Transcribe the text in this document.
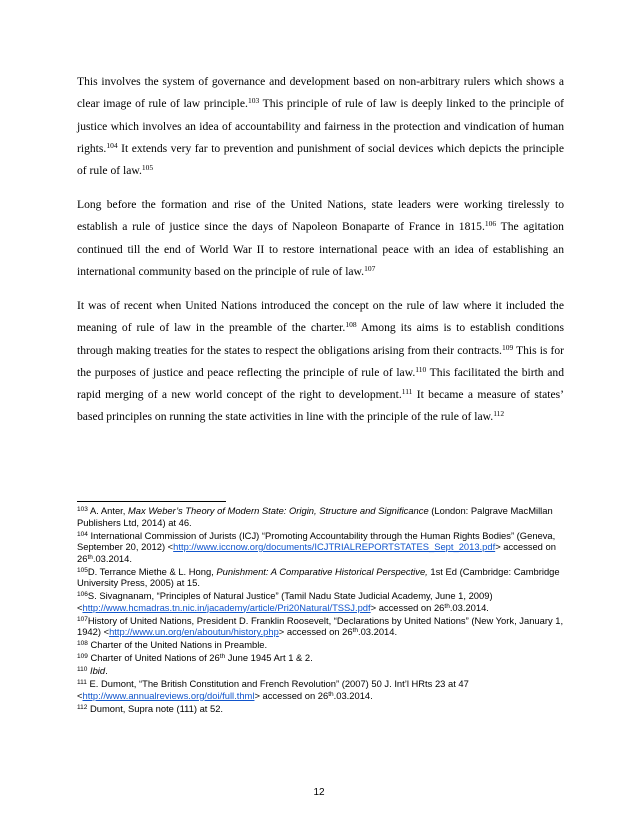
This involves the system of governance and development based on non-arbitrary rulers which shows a clear image of rule of law principle.$^{103}$ This principle of rule of law is deeply linked to the principle of justice which involves an idea of accountability and fairness in the protection and vindication of human rights.$^{104}$ It extends very far to prevention and punishment of social devices which depicts the principle of rule of law.$^{105}$

Long before the formation and rise of the United Nations, state leaders were working tirelessly to establish a rule of justice since the days of Napoleon Bonaparte of France in 1815.$^{106}$ The agitation continued till the end of World War II to restore international peace with an idea of establishing an international community based on the principle of rule of law.$^{107}$

It was of recent when United Nations introduced the concept on the rule of law where it included the meaning of rule of law in the preamble of the charter.$^{108}$ Among its aims is to establish conditions through making treaties for the states to respect the obligations arising from their contracts.$^{109}$ This is for the purposes of justice and peace reflecting the principle of rule of law.$^{110}$ This facilitated the birth and rapid merging of a new world concept of the right to development.$^{111}$ It became a measure of states’ based principles on running the state activities in line with the principle of the rule of law.$^{112}$

$^{103}$ A. Anter, Max Weber’s Theory of Modern State: Origin, Structure and Significance (London: Palgrave MacMillan Publishers Ltd, 2014) at 46.

$^{104}$ International Commission of Jurists (ICJ) “Promoting Accountability through the Human Rights Bodies” (Geneva, September 20, 2012) <http://www.iccnow.org/documents/ICJTRIALREPORTSTATES_Sept_2013.pdf> accessed on 26th.03.2014.

$^{105}$D. Terrance Miethe & L. Hong, Punishment: A Comparative Historical Perspective, 1st Ed (Cambridge: Cambridge University Press, 2005) at 15.

$^{106}$S. Sivagnanam, “Principles of Natural Justice” (Tamil Nadu State Judicial Academy, June 1, 2009) <http://www.hcmadras.tn.nic.in/jacademy/article/Pri20Natural/TSSJ.pdf> accessed on 26th.03.2014.

$^{107}$History of United Nations, President D. Franklin Roosevelt, “Declarations by United Nations” (New York, January 1, 1942) <http://www.un.org/en/aboutun/history.php> accessed on 26th.03.2014.

$^{108}$ Charter of the United Nations in Preamble.

$^{109}$ Charter of United Nations of 26th June 1945 Art 1 & 2.

$^{110}$ Ibid.

$^{111}$ E. Dumont, “The British Constitution and French Revolution” (2007) 50 J. Int’l HRts 23 at 47 <http://www.annualreviews.org/doi/full.thml> accessed on 26th.03.2014.

$^{112}$ Dumont, Supra note (111) at 52.

12
